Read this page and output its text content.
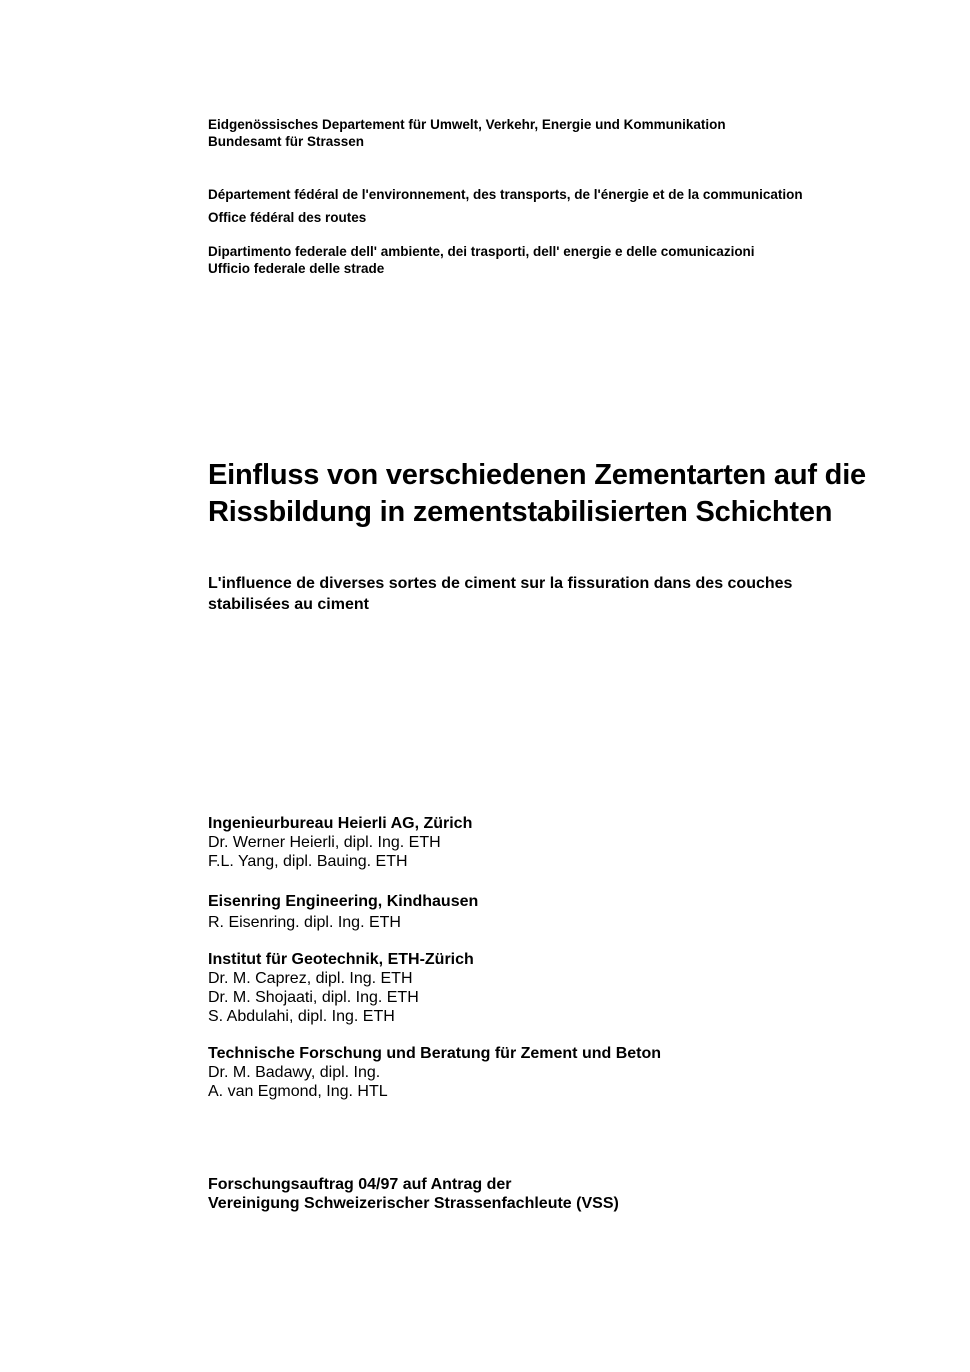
Eidgenössisches Departement für Umwelt, Verkehr, Energie und Kommunikation
Bundesamt für Strassen
Département fédéral de l'environnement, des transports, de l'énergie et de la communication
Office fédéral des routes
Dipartimento federale dell' ambiente, dei trasporti, dell' energie e delle comunicazioni
Ufficio federale delle strade
Einfluss von verschiedenen Zementarten auf die
Rissbildung in zementstabilisierten Schichten
L'influence de diverses sortes de ciment sur la fissuration dans des couches
stabilisées au ciment
Ingenieurbureau Heierli AG, Zürich
Dr. Werner Heierli, dipl. Ing. ETH
F.L. Yang, dipl. Bauing. ETH
Eisenring Engineering, Kindhausen
R. Eisenring. dipl. Ing. ETH
Institut für Geotechnik, ETH-Zürich
Dr. M. Caprez, dipl. Ing. ETH
Dr. M. Shojaati, dipl. Ing. ETH
S. Abdulahi, dipl. Ing. ETH
Technische Forschung und Beratung für Zement und Beton
Dr. M. Badawy, dipl. Ing.
A. van Egmond, Ing. HTL
Forschungsauftrag 04/97 auf Antrag der
Vereinigung Schweizerischer Strassenfachleute (VSS)
